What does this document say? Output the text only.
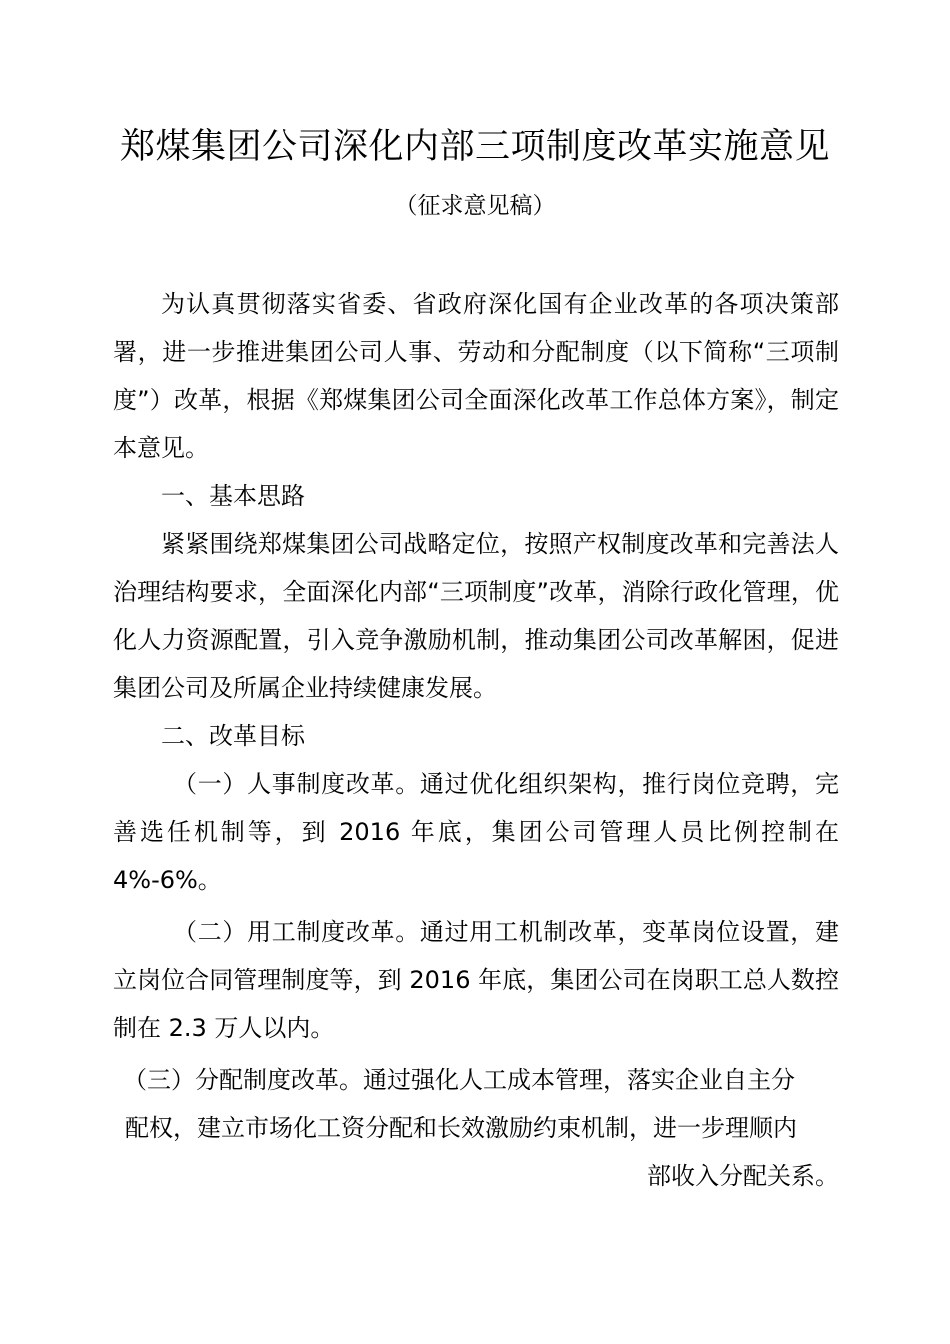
郑煤集团公司深化内部三项制度改革实施意见
（征求意见稿）

为认真贯彻落实省委、省政府深化国有企业改革的各项决策部署，进一步推进集团公司人事、劳动和分配制度（以下简称“三项制度”）改革，根据《郑煤集团公司全面深化改革工作总体方案》，制定本意见。

一、基本思路

紧紧围绕郑煤集团公司战略定位，按照产权制度改革和完善法人治理结构要求，全面深化内部“三项制度”改革，消除行政化管理，优化人力资源配置，引入竞争激励机制，推动集团公司改革解困，促进集团公司及所属企业持续健康发展。

二、改革目标

（一）人事制度改革。通过优化组织架构，推行岗位竞聘，完善选任机制等，到 2016 年底，集团公司管理人员比例控制在 4%-6%。

（二）用工制度改革。通过用工机制改革，变革岗位设置，建立岗位合同管理制度等，到 2016 年底，集团公司在岗职工总人数控制在 2.3 万人以内。

（三）分配制度改革。通过强化人工成本管理，落实企业自主分
配权，建立市场化工资分配和长效激励约束机制，进一步理顺内
部收入分配关系。
